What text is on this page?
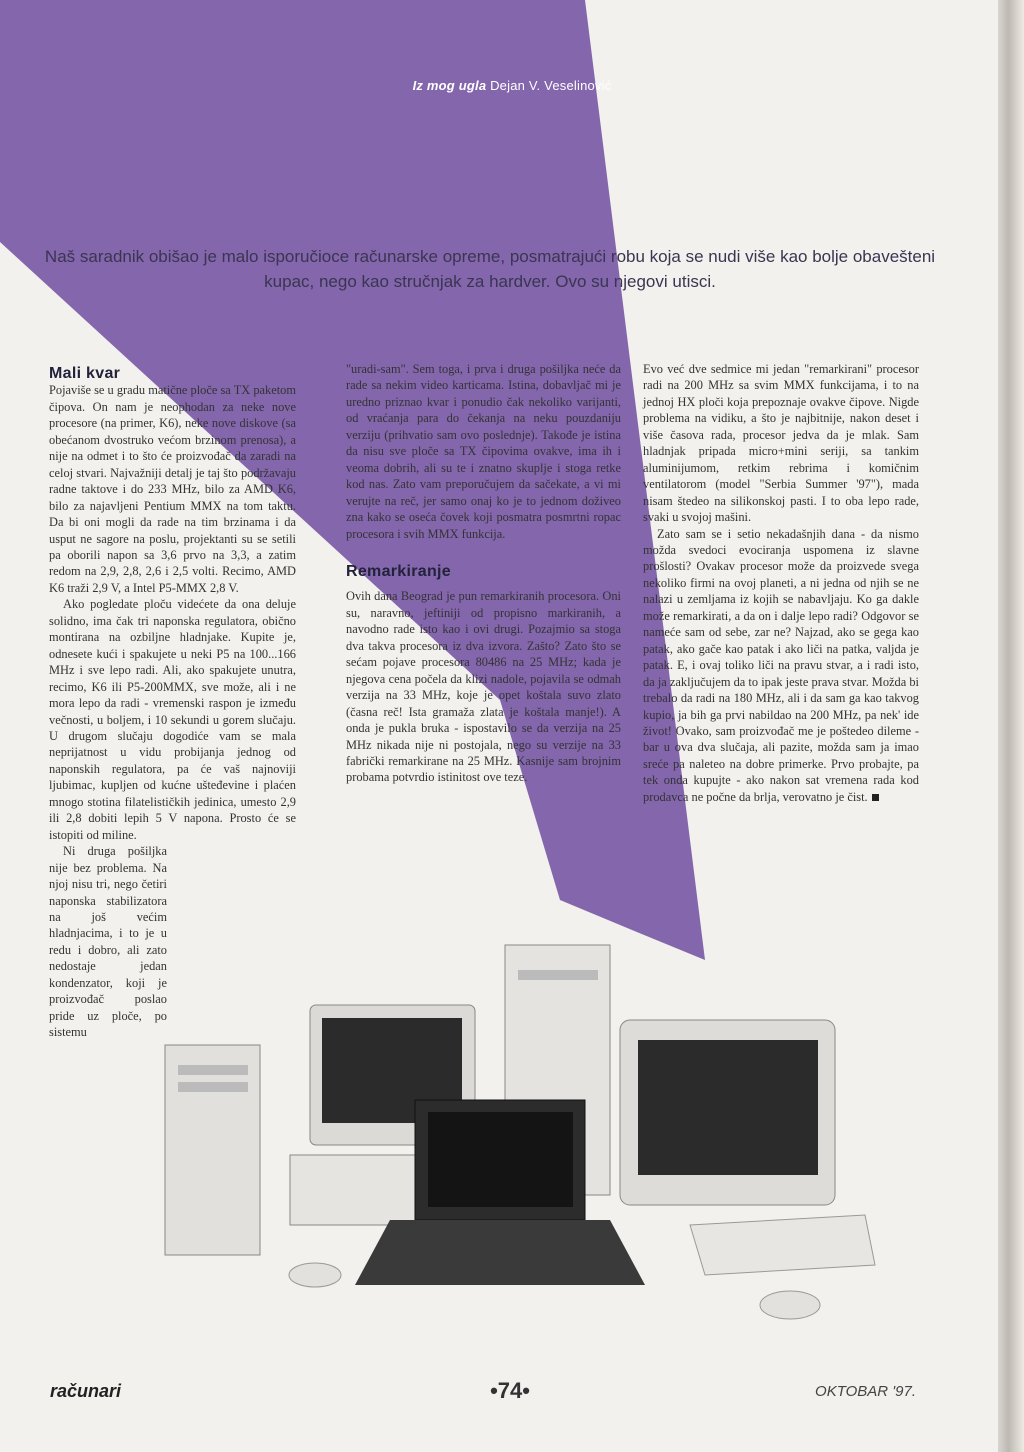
Iz mog ugla Dejan V. Veselinović
Naš saradnik obišao je malo isporučioce računarske opreme, posmatrajući robu koja se nudi više kao bolje obavešteni kupac, nego kao stručnjak za hardver. Ovo su njegovi utisci.

Mali kvar

Pojaviše se u gradu matične ploče sa TX paketom čipova. On nam je neophodan za neke nove procesore (na primer, K6), neke nove diskove (sa obećanom dvostruko većom brzinom prenosa), a nije na odmet i to što će proizvođač da zaradi na celoj stvari. Najvažniji detalj je taj što podržavaju radne taktove i do 233 MHz, bilo za AMD K6, bilo za najavljeni Pentium MMX na tom taktu. Da bi oni mogli da rade na tim brzinama i da usput ne sagore na poslu, projektanti su se setili pa oborili napon sa 3,6 prvo na 3,3, a zatim redom na 2,9, 2,8, 2,6 i 2,5 volti. Recimo, AMD K6 traži 2,9 V, a Intel P5-MMX 2,8 V.

Ako pogledate ploču videćete da ona deluje solidno, ima čak tri naponska regulatora, obično montirana na ozbiljne hladnjake. Kupite je, odnesete kući i spakujete u neki P5 na 100...166 MHz i sve lepo radi. Ali, ako spakujete unutra, recimo, K6 ili P5-200MMX, sve može, ali i ne mora lepo da radi - vremenski raspon je između večnosti, u boljem, i 10 sekundi u gorem slučaju. U drugom slučaju dogodiće vam se mala neprijatnost u vidu probijanja jednog od naponskih regulatora, pa će vaš najnoviji ljubimac, kupljen od kućne ušteđevine i plaćen mnogo stotina filatelističkih jedinica, umesto 2,9 ili 2,8 dobiti lepih 5 V napona. Prosto će se istopiti od miline.

Ni druga pošiljka nije bez problema. Na njoj nisu tri, nego četiri naponska stabilizatora na još većim hladnjacima, i to je u redu i dobro, ali zato nedostaje jedan kondenzator, koji je proizvođač poslao pride uz ploče, po sistemu

"uradi-sam". Sem toga, i prva i druga pošiljka neće da rade sa nekim video karticama. Istina, dobavljač mi je uredno priznao kvar i ponudio čak nekoliko varijanti, od vraćanja para do čekanja na neku pouzdaniju verziju (prihvatio sam ovo poslednje). Takođe je istina da nisu sve ploče sa TX čipovima ovakve, ima ih i veoma dobrih, ali su te i znatno skuplje i stoga retke kod nas. Zato vam preporučujem da sačekate, a vi mi verujte na reč, jer samo onaj ko je to jednom doživeo zna kako se oseća čovek koji posmatra posmrtni ropac procesora i svih MMX funkcija.

Remarkiranje

Ovih dana Beograd je pun remarkiranih procesora. Oni su, naravno, jeftiniji od propisno markiranih, a navodno rade isto kao i ovi drugi. Pozajmio sa stoga dva takva procesora iz dva izvora. Zašto? Zato što se sećam pojave procesora 80486 na 25 MHz; kada je njegova cena počela da klizi nadole, pojavila se odmah verzija na 33 MHz, koje je opet koštala suvo zlato (časna reč! Ista gramaža zlata je koštala manje!). A onda je pukla bruka - ispostavilo se da verzija na 25 MHz nikada nije ni postojala, nego su verzije na 33 fabrički remarkirane na 25 MHz. Kasnije sam brojnim probama potvrdio istinitost ove teze.

Evo već dve sedmice mi jedan "remarkirani" procesor radi na 200 MHz sa svim MMX funkcijama, i to na jednoj HX ploči koja prepoznaje ovakve čipove. Nigde problema na vidiku, a što je najbitnije, nakon deset i više časova rada, procesor jedva da je mlak. Sam hladnjak pripada micro+mini seriji, sa tankim aluminijumom, retkim rebrima i komičnim ventilatorom (model "Serbia Summer '97"), mada nisam štedeo na silikonskoj pasti. I to oba lepo rade, svaki u svojoj mašini.

Zato sam se i setio nekadašnjih dana - da nismo možda svedoci evociranja uspomena iz slavne prošlosti? Ovakav procesor može da proizvede svega nekoliko firmi na ovoj planeti, a ni jedna od njih se ne nalazi u zemljama iz kojih se nabavljaju. Ko ga dakle može remarkirati, a da on i dalje lepo radi? Odgovor se nameće sam od sebe, zar ne? Najzad, ako se gega kao patak, ako gače kao patak i ako liči na patka, valjda je patak. E, i ovaj toliko liči na pravu stvar, a i radi isto, da ja zaključujem da to ipak jeste prava stvar. Možda bi trebalo da radi na 180 MHz, ali i da sam ga kao takvog kupio, ja bih ga prvi nabildao na 200 MHz, pa nek' ide život! Ovako, sam proizvođač me je poštedeo dileme - bar u ova dva slučaja, ali pazite, možda sam ja imao sreće pa naleteo na dobre primerke. Prvo probajte, pa tek onda kupujte - ako nakon sat vremena rada kod prodavca ne počne da brlja, verovatno je čist.

računari	•74•	OKTOBAR '97.
